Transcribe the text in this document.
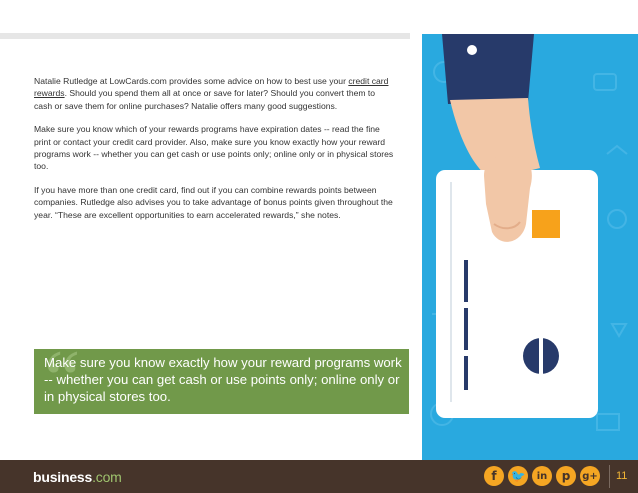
Natalie Rutledge at LowCards.com provides some advice on how to best use your credit card rewards. Should you spend them all at once or save for later? Should you convert them to cash or save them for online purchases? Natalie offers many good suggestions.

Make sure you know which of your rewards programs have expiration dates -- read the fine print or contact your credit card provider. Also, make sure you know exactly how your reward programs work -- whether you can get cash or use points only; online only or in physical stores too.

If you have more than one credit card, find out if you can combine rewards points between companies. Rutledge also advises you to take advantage of bonus points given throughout the year. “These are excellent opportunities to earn accelerated rewards,” she notes.

“
Make sure you know exactly how your reward programs work -- whether you can get cash or use points only; online only or in physical stores too.
business.com	f	🐦	in	p	g+ 11
